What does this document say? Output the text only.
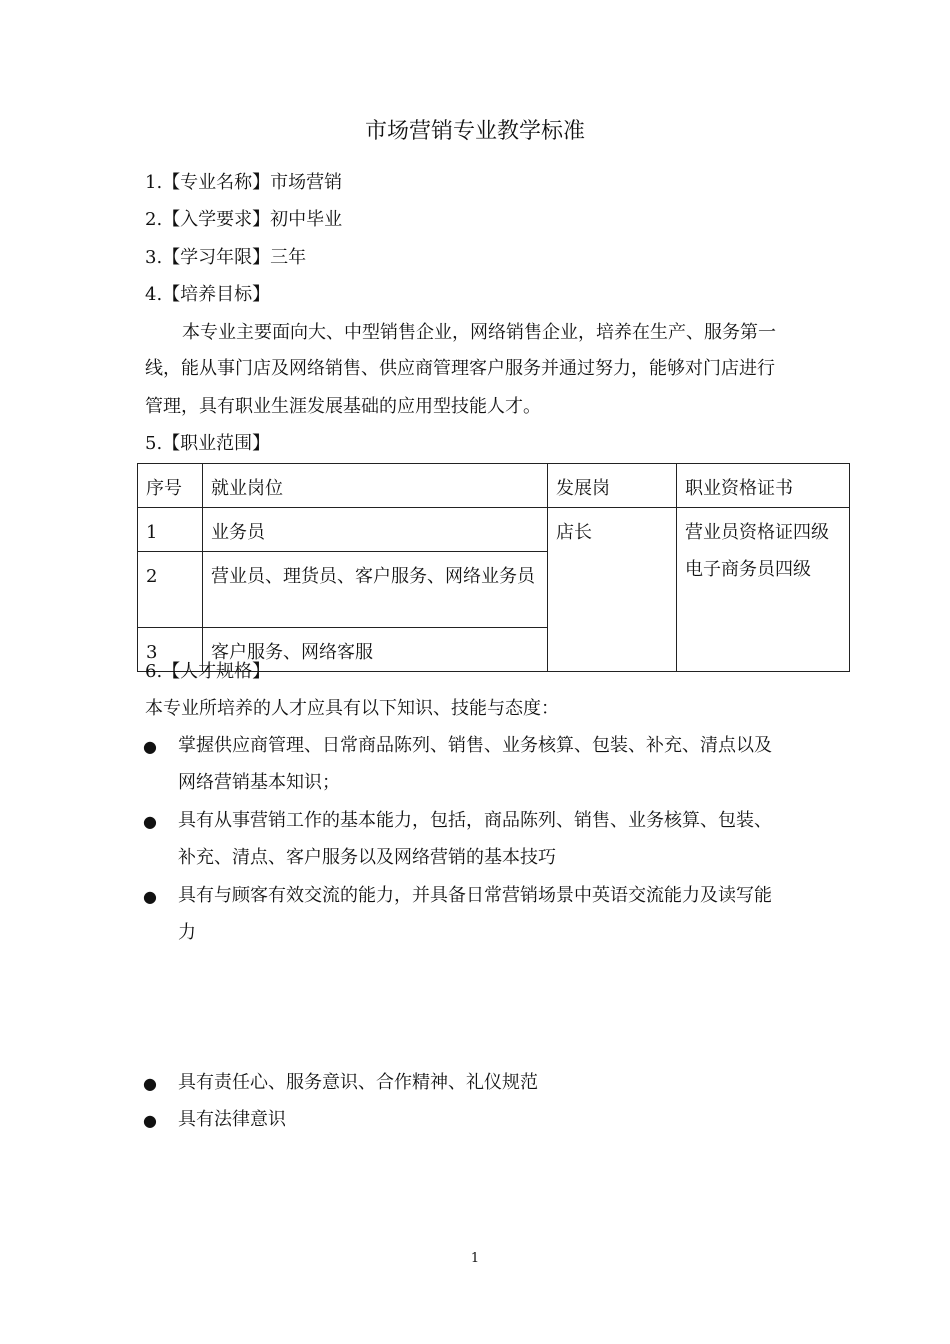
市场营销专业教学标准
1.【专业名称】市场营销
2.【入学要求】初中毕业
3.【学习年限】三年
4.【培养目标】
本专业主要面向大、中型销售企业，网络销售企业，培养在生产、服务第一
线，能从事门店及网络销售、供应商管理客户服务并通过努力，能够对门店进行
管理，具有职业生涯发展基础的应用型技能人才。
5.【职业范围】
序号	就业岗位	发展岗	职业资格证书
1	业务员	店长	营业员资格证四级
电子商务员四级

2	营业员、理货员、客户服务、网络业务员		
3	客户服务、网络客服		
6.【人才规格】
本专业所培养的人才应具有以下知识、技能与态度：
● 掌握供应商管理、日常商品陈列、销售、业务核算、包装、补充、清点以及
网络营销基本知识；
● 具有从事营销工作的基本能力，包括，商品陈列、销售、业务核算、包装、
补充、清点、客户服务以及网络营销的基本技巧
● 具有与顾客有效交流的能力，并具备日常营销场景中英语交流能力及读写能
力
● 具有责任心、服务意识、合作精神、礼仪规范
● 具有法律意识
1
